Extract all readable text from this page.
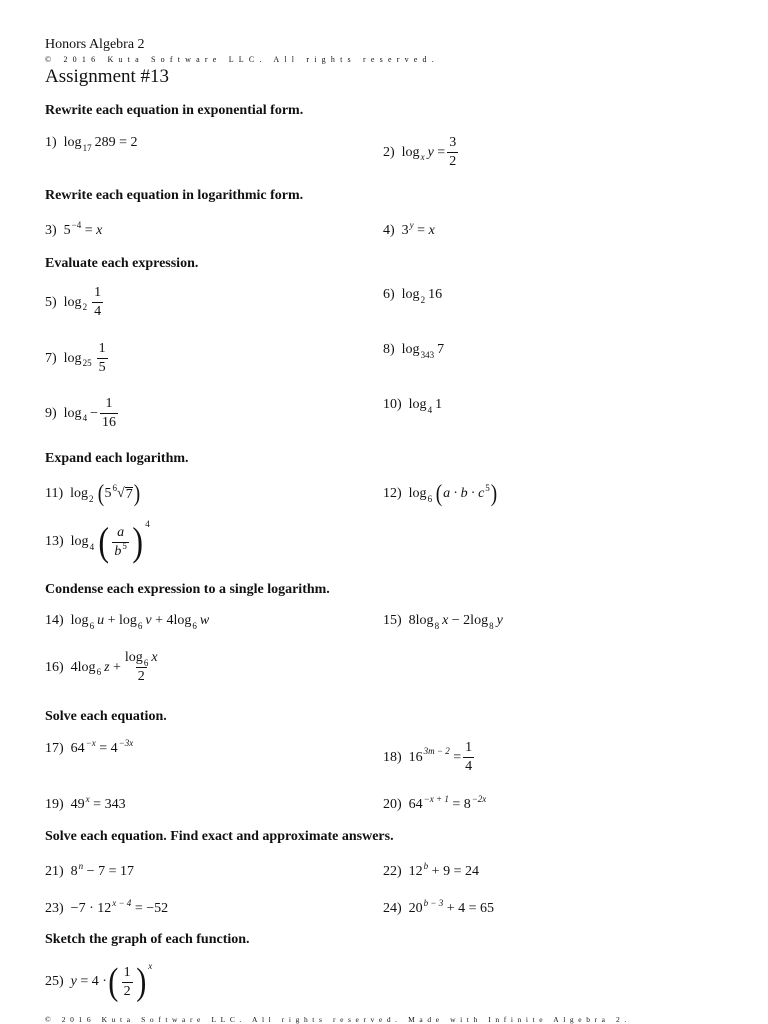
Honors Algebra 2
© 2016 Kuta Software LLC. All rights reserved.
Assignment #13
Rewrite each equation in exponential form.
Rewrite each equation in logarithmic form.
Evaluate each expression.
Expand each logarithm.
Condense each expression to a single logarithm.
Solve each equation.
Solve each equation. Find exact and approximate answers.
Sketch the graph of each function.
1) log 17 289 = 2
2) log x y
= $\frac{3}{2}$
3) 5 −4
=
x	4) 3 y
=
x
5) $\log 2 \frac{1}{4}$	6) log 2 16
7) $\log 25 \frac{1}{5}$	8) log 343 7
9) $\log 4 - \frac{1}{16}$	10) log 4 1
11) log 2 ( 5 6 √ 7 )	12) log 6 ( a · b · c 5 )
13) log 4 ( $\frac{a}{b^5}$ ) 4
14) log 6 u
+ log 6 v
+ 4log 6 w	15) 8log 8 x
− 2log 8 y
16) 4log 6 z
+ $\frac{\log_6 x}{2}$
17) 64 −x
= 4 −3x
18) 16 3m − 2
= $\frac{1}{4}$
19) 49 x
= 343	20) 64 −x + 1
= 8 −2x
21) 8 n
− 7 = 17	22) 12 b
+ 9 = 24
23) −7 · 12 x − 4
= −52	24) 20 b − 3
+ 4 = 65
25) y
= 4 · ( $\frac{1}{2}$ ) x
© 2016 Kuta Software LLC. All rights reserved. Made with Infinite Algebra 2.
